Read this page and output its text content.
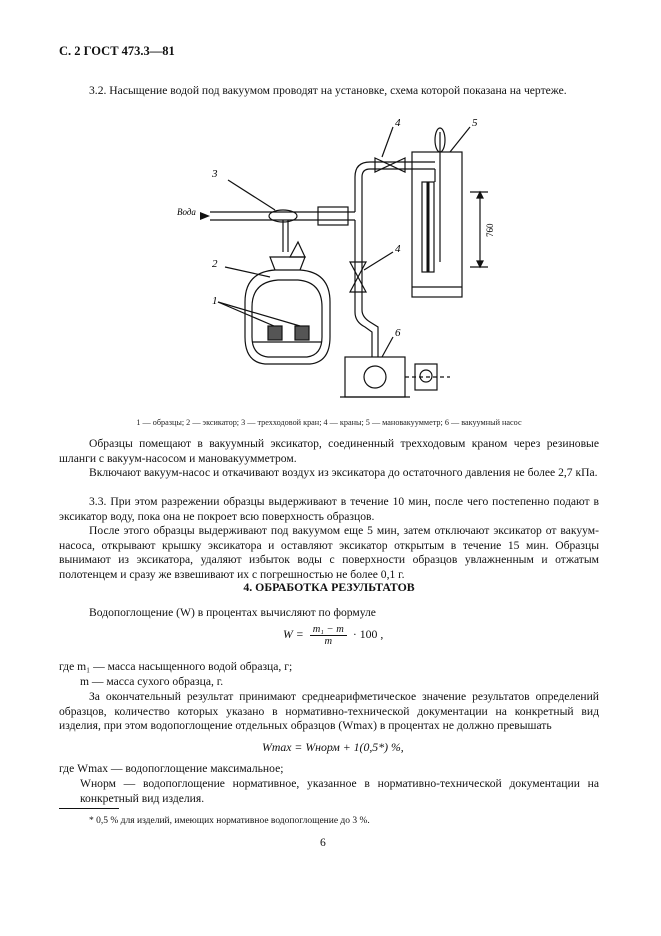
С. 2 ГОСТ 473.3—81
3.2. Насыщение водой под вакуумом проводят на установке, схема которой показана на чертеже.
Вода
760
3
2
1
4
4
5
6
1 — образцы; 2 — эксикатор; 3 — трехходовой кран; 4 — краны; 5 — мановакуумметр; 6 — вакуумный насос
Образцы помещают в вакуумный эксикатор, соединенный трехходовым краном через резиновые шланги с вакуум-насосом и мановакуумметром.
Включают вакуум-насос и откачивают воздух из эксикатора до остаточного давления не более 2,7 кПа.
3.3. При этом разрежении образцы выдерживают в течение 10 мин, после чего постепенно подают в эксикатор воду, пока она не покроет всю поверхность образцов.
После этого образцы выдерживают под вакуумом еще 5 мин, затем отключают эксикатор от вакуум-насоса, открывают крышку эксикатора и оставляют эксикатор открытым в течение 15 мин. Образцы вынимают из эксикатора, удаляют избыток воды с поверхности образцов увлажненным и отжатым полотенцем и сразу же взвешивают их с погрешностью не более 0,1 г.
4. ОБРАБОТКА РЕЗУЛЬТАТОВ
Водопоглощение (W) в процентах вычисляют по формуле
$W = \frac{\text{m₁ − m}}{m} \cdot 100$ ,
где m₁ — масса насыщенного водой образца, г;
m — масса сухого образца, г.
За окончательный результат принимают среднеарифметическое значение результатов определений образцов, количество которых указано в нормативно-технической документации на конкретный вид изделия, при этом водопоглощение отдельных образцов (Wmax) в процентах не должно превышать
Wmax = Wнорм + 1(0,5*) %,
где Wmax — водопоглощение максимальное;
Wнорм — водопоглощение нормативное, указанное в нормативно-технической документации на конкретный вид изделия.
* 0,5 % для изделий, имеющих нормативное водопоглощение до 3 %.
6
